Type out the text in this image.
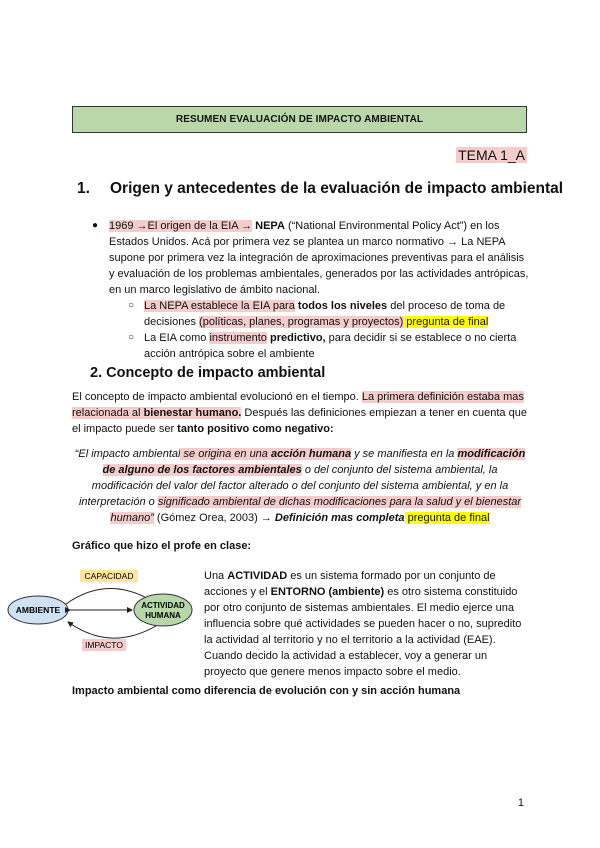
RESUMEN EVALUACIÓN DE IMPACTO AMBIENTAL
TEMA 1_A
1. Origen y antecedentes de la evaluación de impacto ambiental
● 1969 →El origen de la EIA → NEPA (“National Environmental Policy Act”) en los Estados Unidos. Acá por primera vez se plantea un marco normativo → La NEPA supone por primera vez la integración de aproximaciones preventivas para el análisis y evaluación de los problemas ambientales, generados por las actividades antrópicas, en un marco legislativo de ámbito nacional.
○ La NEPA establece la EIA para todos los niveles del proceso de toma de decisiones (políticas, planes, programas y proyectos) pregunta de final
○ La EIA como instrumento predictivo, para decidir si se establece o no cierta acción antrópica sobre el ambiente
2. Concepto de impacto ambiental
El concepto de impacto ambiental evolucionó en el tiempo. La primera definición estaba mas relacionada al bienestar humano. Después las definiciones empiezan a tener en cuenta que el impacto puede ser tanto positivo como negativo:
“El impacto ambiental se origina en una acción humana y se manifiesta en la modificación de alguno de los factores ambientales o del conjunto del sistema ambiental, la modificación del valor del factor alterado o del conjunto del sistema ambiental, y en la interpretación o significado ambiental de dichas modificaciones para la salud y el bienestar humano” (Gómez Orea, 2003) → Definición mas completa pregunta de final
Gráfico que hizo el profe en clase:
CAPACIDAD
AMBIENTE	ACTIVIDAD
HUMANA
IMPACTO
Una ACTIVIDAD es un sistema formado por un conjunto de acciones y el ENTORNO (ambiente) es otro sistema constituido por otro conjunto de sistemas ambientales. El medio ejerce una influencia sobre qué actividades se pueden hacer o no, supredito la actividad al territorio y no el territorio a la actividad (EAE). Cuando decido la actividad a establecer, voy a generar un proyecto que genere menos impacto sobre el medio.
Impacto ambiental como diferencia de evolución con y sin acción humana
1
